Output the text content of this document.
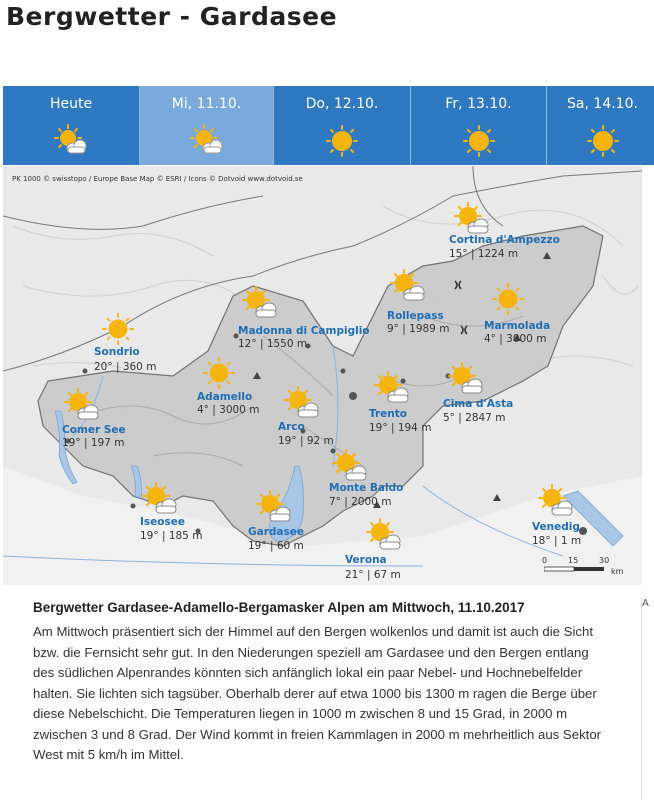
Bergwetter - Gardasee
Heute	Mi, 11.10.	Do, 12.10.	Fr, 13.10.	Sa, 14.10.
PK 1000 © swisstopo / Europe Base Map © ESRI / Icons © Dotvoid www.dotvoid.se
Cortina d'Ampezzo
15° | 1224 m
Rollepass
9° | 1989 m	Marmolada
4° | 3000 m
Madonna di Campiglio
12° | 1550 m
Sondrio
20° | 360 m
Adamello
4° | 3000 m	Trento
19° | 194 m
Cima d'Asta
5° | 2847 m
Comer See
19° | 197 m
Arco
19° | 92 m
Monte Baldo
7° | 2000 m
Iseosee
19° | 185 m	Gardasee
19° | 60 m
Verona
21° | 67 m
Venedig
18° | 1 m
0	15	30
km
Bergwetter Gardasee-Adamello-Bergamasker Alpen am Mittwoch, 11.10.2017
Am Mittwoch präsentiert sich der Himmel auf den Bergen wolkenlos und damit ist auch die Sicht bzw. die Fernsicht sehr gut. In den Niederungen speziell am Gardasee und den Bergen entlang des südlichen Alpenrandes könnten sich anfänglich lokal ein paar Nebel- und Hochnebelfelder halten. Sie lichten sich tagsüber. Oberhalb derer auf etwa 1000 bis 1300 m ragen die Berge über diese Nebelschicht. Die Temperaturen liegen in 1000 m zwischen 8 und 15 Grad, in 2000 m zwischen 3 und 8 Grad. Der Wind kommt in freien Kammlagen in 2000 m mehrheitlich aus Sektor West mit 5 km/h im Mittel.
A
